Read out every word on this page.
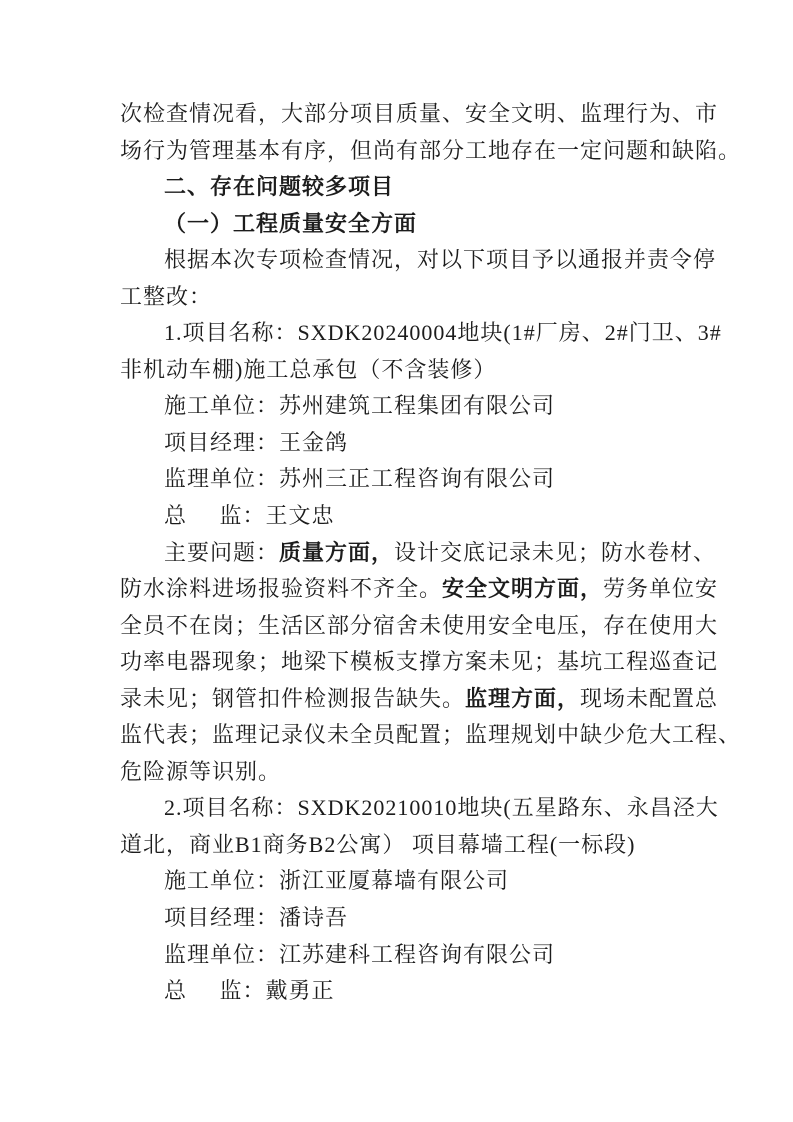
次检查情况看，大部分项目质量、安全文明、监理行为、市
场行为管理基本有序，但尚有部分工地存在一定问题和缺陷。
二、存在问题较多项目
（一）工程质量安全方面
根据本次专项检查情况，对以下项目予以通报并责令停
工整改：
1.项目名称：SXDK20240004地块(1#厂房、2#门卫、3#
非机动车棚)施工总承包（不含装修）
施工单位：苏州建筑工程集团有限公司
项目经理：王金鸽
监理单位：苏州三正工程咨询有限公司
总     监：王文忠
主要问题：质量方面，设计交底记录未见；防水卷材、
防水涂料进场报验资料不齐全。安全文明方面，劳务单位安
全员不在岗；生活区部分宿舍未使用安全电压，存在使用大
功率电器现象；地梁下模板支撑方案未见；基坑工程巡查记
录未见；钢管扣件检测报告缺失。监理方面，现场未配置总
监代表；监理记录仪未全员配置；监理规划中缺少危大工程、
危险源等识别。
2.项目名称：SXDK20210010地块(五星路东、永昌泾大
道北，商业B1商务B2公寓） 项目幕墙工程(一标段)
施工单位：浙江亚厦幕墙有限公司
项目经理：潘诗吾
监理单位：江苏建科工程咨询有限公司
总     监：戴勇正
